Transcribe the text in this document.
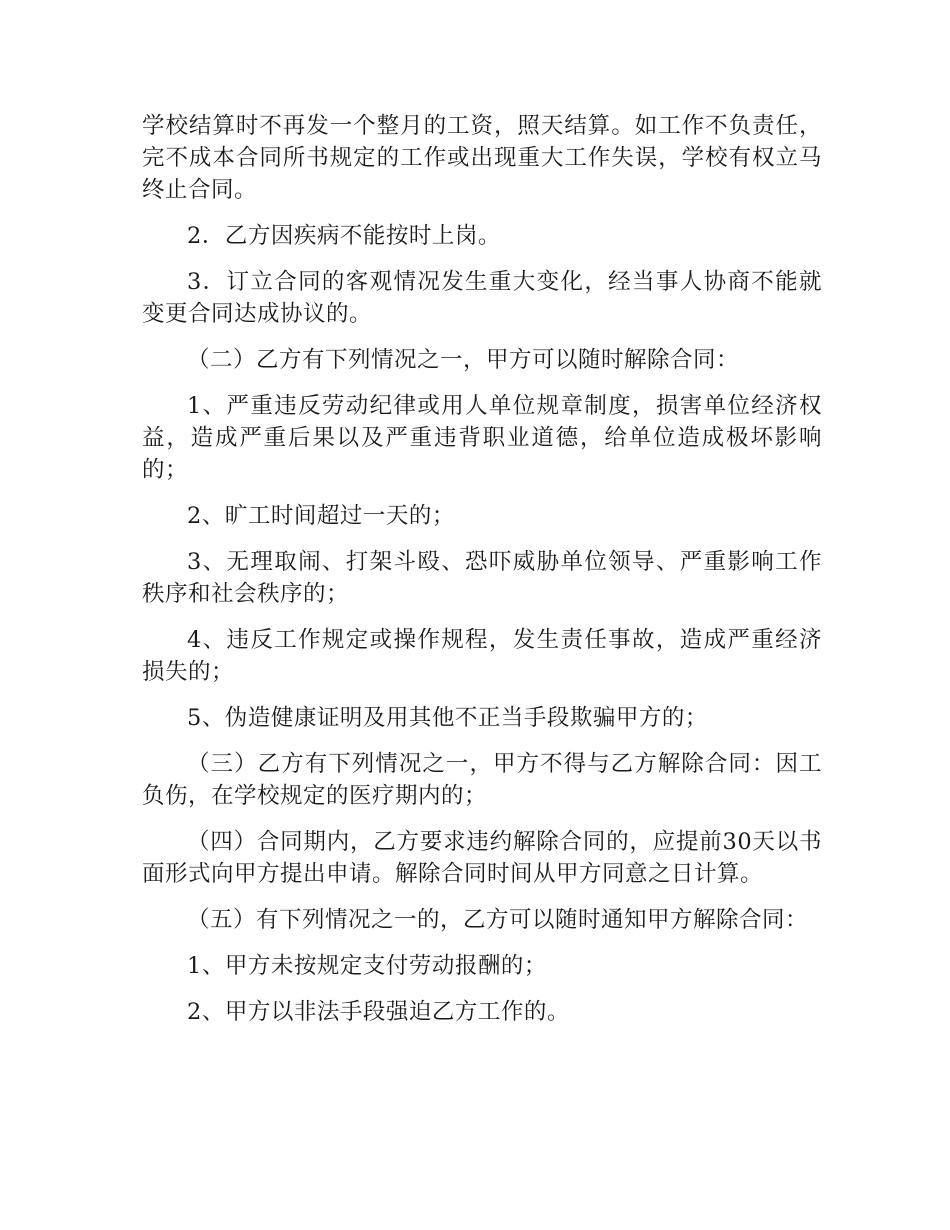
学校结算时不再发一个整月的工资，照天结算。如工作不负责任，完不成本合同所书规定的工作或出现重大工作失误，学校有权立马终止合同。

2．乙方因疾病不能按时上岗。

3．订立合同的客观情况发生重大变化，经当事人协商不能就变更合同达成协议的。

（二）乙方有下列情况之一，甲方可以随时解除合同：

1、严重违反劳动纪律或用人单位规章制度，损害单位经济权益，造成严重后果以及严重违背职业道德，给单位造成极坏影响的；

2、旷工时间超过一天的；

3、无理取闹、打架斗殴、恐吓威胁单位领导、严重影响工作秩序和社会秩序的；

4、违反工作规定或操作规程，发生责任事故，造成严重经济损失的；

5、伪造健康证明及用其他不正当手段欺骗甲方的；

（三）乙方有下列情况之一，甲方不得与乙方解除合同：因工负伤，在学校规定的医疗期内的；

（四）合同期内，乙方要求违约解除合同的，应提前30天以书面形式向甲方提出申请。解除合同时间从甲方同意之日计算。

（五）有下列情况之一的，乙方可以随时通知甲方解除合同：

1、甲方未按规定支付劳动报酬的；

2、甲方以非法手段强迫乙方工作的。
